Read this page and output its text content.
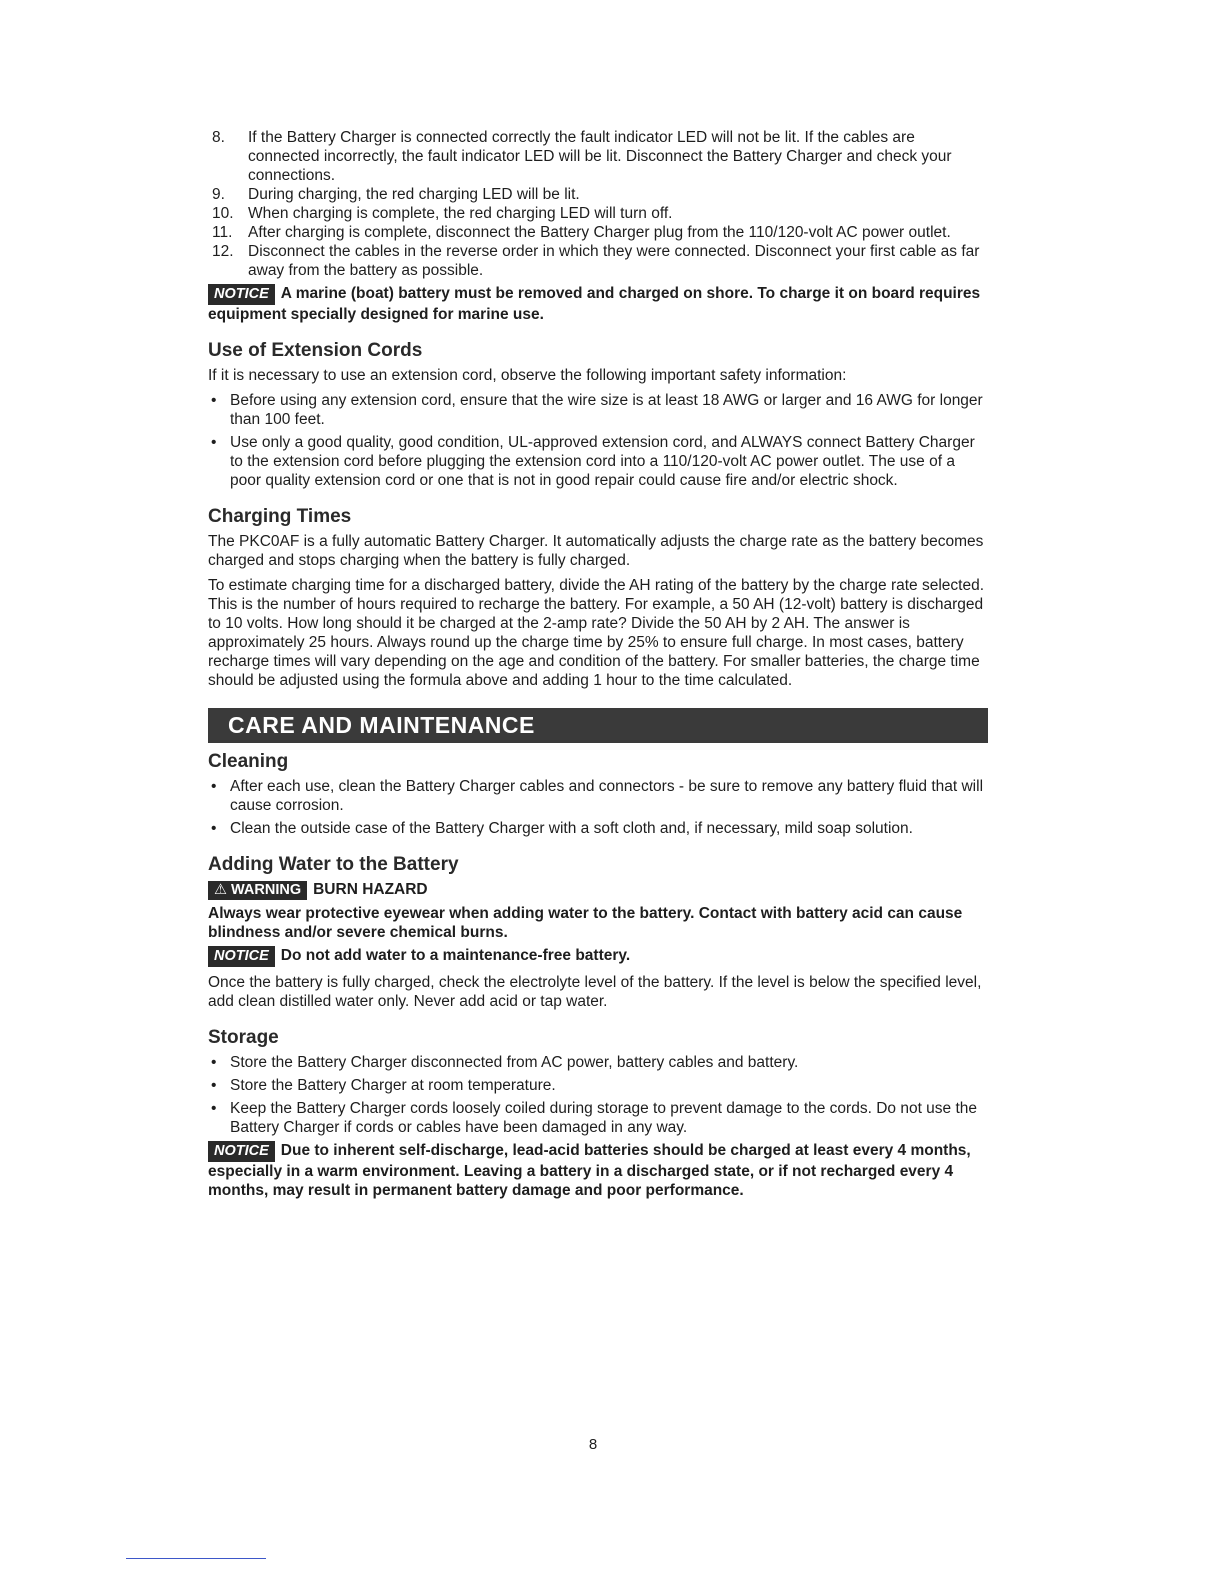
8.	If the Battery Charger is connected correctly the fault indicator LED will not be lit. If the cables are connected incorrectly, the fault indicator LED will be lit. Disconnect the Battery Charger and check your connections.
9.	During charging, the red charging LED will be lit.
10. When charging is complete, the red charging LED will turn off.
11.	After charging is complete, disconnect the Battery Charger plug from the 110/120-volt AC power outlet.
12. Disconnect the cables in the reverse order in which they were connected. Disconnect your first cable as far away from the battery as possible.

NOTICE A marine (boat) battery must be removed and charged on shore. To charge it on board requires equipment specially designed for marine use.

Use of Extension Cords

If it is necessary to use an extension cord, observe the following important safety information:

• Before using any extension cord, ensure that the wire size is at least 18 AWG or larger and 16 AWG for longer than 100 feet.
• Use only a good quality, good condition, UL-approved extension cord, and ALWAYS connect Battery Charger to the extension cord before plugging the extension cord into a 110/120-volt AC power outlet. The use of a poor quality extension cord or one that is not in good repair could cause fire and/or electric shock.
Charging Times

The PKC0AF is a fully automatic Battery Charger. It automatically adjusts the charge rate as the battery becomes charged and stops charging when the battery is fully charged.

To estimate charging time for a discharged battery, divide the AH rating of the battery by the charge rate selected. This is the number of hours required to recharge the battery. For example, a 50 AH (12-volt) battery is discharged to 10 volts. How long should it be charged at the 2-amp rate? Divide the 50 AH by 2 AH. The answer is approximately 25 hours. Always round up the charge time by 25% to ensure full charge. In most cases, battery recharge times will vary depending on the age and condition of the battery. For smaller batteries, the charge time should be adjusted using the formula above and adding 1 hour to the time calculated.

CARE AND MAINTENANCE
Cleaning
• After each use, clean the Battery Charger cables and connectors - be sure to remove any battery fluid that will cause corrosion.
• Clean the outside case of the Battery Charger with a soft cloth and, if necessary, mild soap solution.
Adding Water to the Battery

⚠ WARNING BURN HAZARD

Always wear protective eyewear when adding water to the battery. Contact with battery acid can cause blindness and/or severe chemical burns.

NOTICE Do not add water to a maintenance-free battery.

Once the battery is fully charged, check the electrolyte level of the battery. If the level is below the specified level, add clean distilled water only. Never add acid or tap water.

Storage
• Store the Battery Charger disconnected from AC power, battery cables and battery.
• Store the Battery Charger at room temperature.
• Keep the Battery Charger cords loosely coiled during storage to prevent damage to the cords. Do not use the Battery Charger if cords or cables have been damaged in any way.

NOTICE Due to inherent self-discharge, lead-acid batteries should be charged at least every 4 months, especially in a warm environment. Leaving a battery in a discharged state, or if not recharged every 4 months, may result in permanent battery damage and poor performance.

8
